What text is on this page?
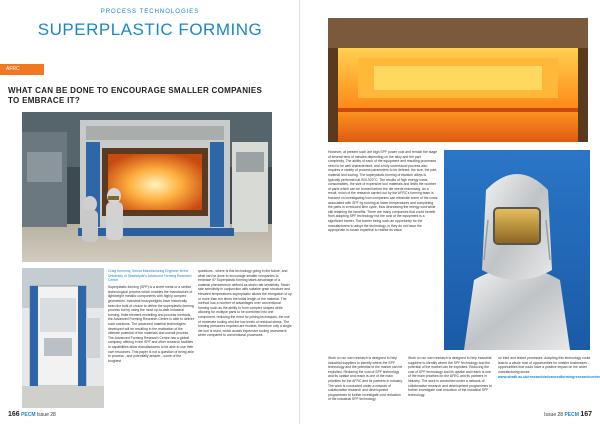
PROCESS TECHNOLOGIES
SUPERPLASTIC FORMING
AFRC
WHAT CAN BE DONE TO ENCOURAGE SMALLER COMPANIES TO EMBRACE IT?

Craig Kennedy, Senior Manufacturing Engineer at the University of Strathclyde's Advanced Forming Research Centre.

Superplastic forming (SPF) is a sheet metal or a similar technological process which enables the manufacture of lightweight metallic components with highly complex geometries. Industrial heavyweights have historically been the bulk of choice to define the superplastic forming process but by using the most up-to-date industrial forming, finite element modelling and process methods, the Advanced Forming Research Centre is able to deliver such solutions. The advanced material technologies developed will be resulting in the realisation of the ultimate potential of the materials and overall process. The Advanced Forming Research Centre has a global company offering in the SPF and other research facilities to capabilities allow manufacturers to be able to use their own resources. This paper is not a question of being able to process - and potentially answer - some of the toughest

questions - where is this technology going in the future, and what can be done to encourage smaller companies to embrace it? Superplastic forming takes advantage of a material phenomenon defined as strain rate sensitivity. Strain rate sensitivity in conjunction with suitable grain structure and elevated temperatures superplastic allows the elongation of up or more than ten times the initial length of the material. The method has a number of advantages over conventional forming such as the ability to form complex shapes while allowing for multiple parts to be combined into one component, reducing the need for joining techniques, the use of moderate tooling and the low levels of residual stress. The forming pressures required are modest, therefore only a single die tool is used, which avoids expensive tooling investment when compared to conventional processes.

166 PECM Issue 28

However, at present such are high SPF power cost and remain the stage of several tens of minutes depending on the alloy and the part complexity. The ability of each of the equipment and resulting processes need to be well characterised, and a fully understood process also requires a variety of process parameters to be defined: the size, the part, material and tooling. The superplastic forming of titanium alloys is typically performed at 900-920°C. The results of high energy costs, consumables, the size of expensive tool materials and limits the number of parts which can be formed before the die needs redressing. As a result, much of the research carried out by the AFRC's forming team is focused on investigating how companies can eliminate some of the costs associated with SPF by running at lower temperatures and completing the parts in a reduced time cycle, thus decreasing the energy cost while still retaining the benefits. There are many companies that could benefit from adopting SPF technology but the cost of the equipment is a significant barrier. The barrier being such an opportunity for the manufacturers to adopt the technology, is they do not have the appropriate in-house expertise to realise its value.

Work on our own research is designed to help industrial suppliers to identify where the SPF technology and the potential of the market can be exploited. Reducing the cost of SPF technology and its uptake and reach is one of the main priorities for the AFRC and its partners in industry. The work is conducted under a network of collaborative research and development programmes to further investigate cost reduction of the industrial SPF technology.

Work on our own research is designed to help industrial suppliers to identify where the SPF technology and the potential of the market can be exploited. Reducing the cost of SPF technology and its uptake and reach is one of the main priorities for the AFRC and its partners in industry. The work is conducted under a network of collaborative research and development programmes to further investigate cost reduction of the industrial SPF technology.

on tried and tested processes. Adopting this technology could lead to a whole host of opportunities for smaller businesses - opportunities that could have a positive impact on the wider manufacturing sector.

www.strath.ac.uk/research/advancedformingresearchcentre
Issue 28 PECM 167
